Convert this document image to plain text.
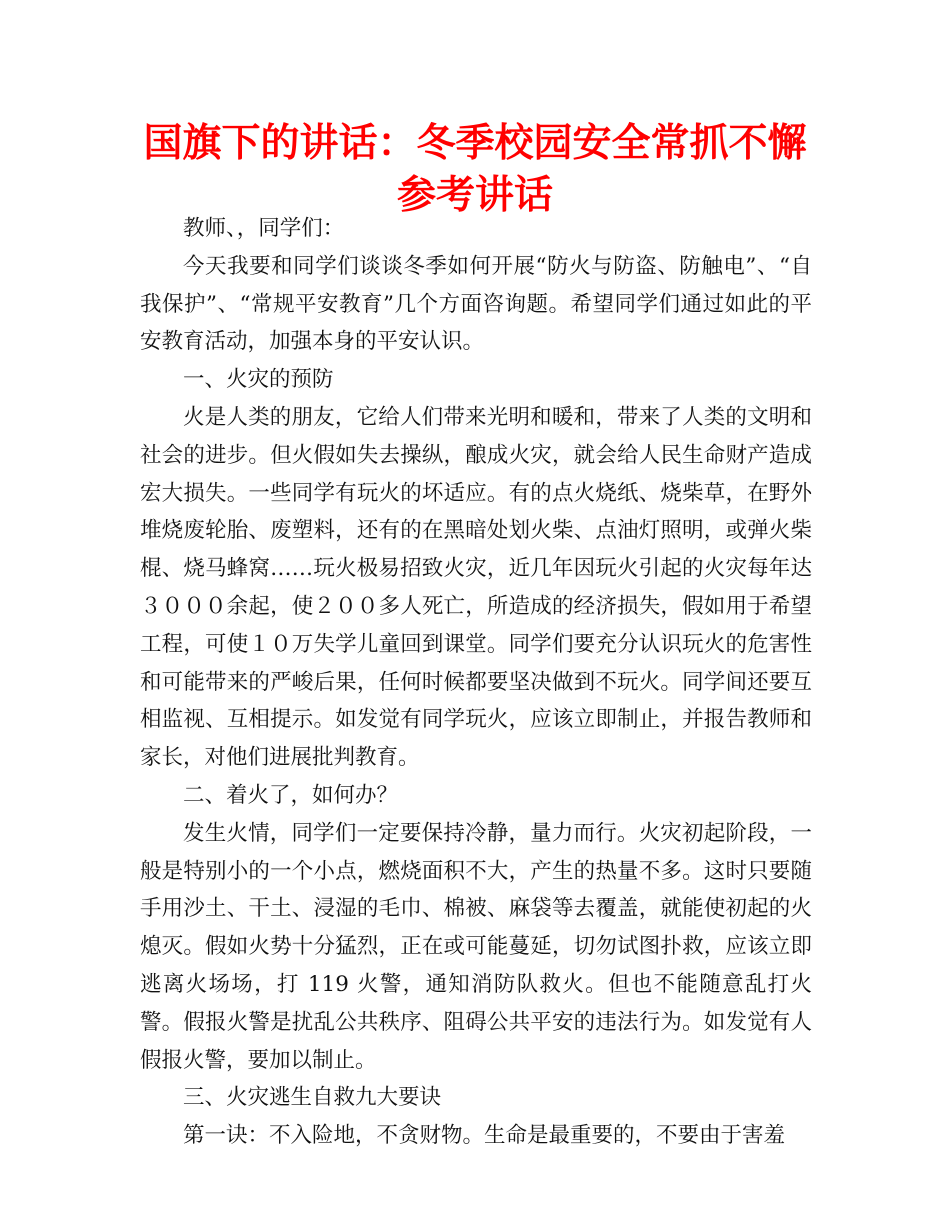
国旗下的讲话：冬季校园安全常抓不懈参考讲话

教师、，同学们：

今天我要和同学们谈谈冬季如何开展“防火与防盗、防触电”、“自我保护”、“常规平安教育”几个方面咨询题。希望同学们通过如此的平安教育活动，加强本身的平安认识。

一、火灾的预防

火是人类的朋友，它给人们带来光明和暖和，带来了人类的文明和社会的进步。但火假如失去操纵，酿成火灾，就会给人民生命财产造成宏大损失。一些同学有玩火的坏适应。有的点火烧纸、烧柴草，在野外堆烧废轮胎、废塑料，还有的在黑暗处划火柴、点油灯照明，或弹火柴棍、烧马蜂窝……玩火极易招致火灾，近几年因玩火引起的火灾每年达３０００余起，使２００多人死亡，所造成的经济损失，假如用于希望工程，可使１０万失学儿童回到课堂。同学们要充分认识玩火的危害性和可能带来的严峻后果，任何时候都要坚决做到不玩火。同学间还要互相监视、互相提示。如发觉有同学玩火，应该立即制止，并报告教师和家长，对他们进展批判教育。

二、着火了，如何办？

发生火情，同学们一定要保持冷静，量力而行。火灾初起阶段，一般是特别小的一个小点，燃烧面积不大，产生的热量不多。这时只要随手用沙土、干土、浸湿的毛巾、棉被、麻袋等去覆盖，就能使初起的火熄灭。假如火势十分猛烈，正在或可能蔓延，切勿试图扑救，应该立即逃离火场场，打 119 火警，通知消防队救火。但也不能随意乱打火警。假报火警是扰乱公共秩序、阻碍公共平安的违法行为。如发觉有人假报火警，要加以制止。

三、火灾逃生自救九大要诀

第一诀：不入险地，不贪财物。生命是最重要的，不要由于害羞
